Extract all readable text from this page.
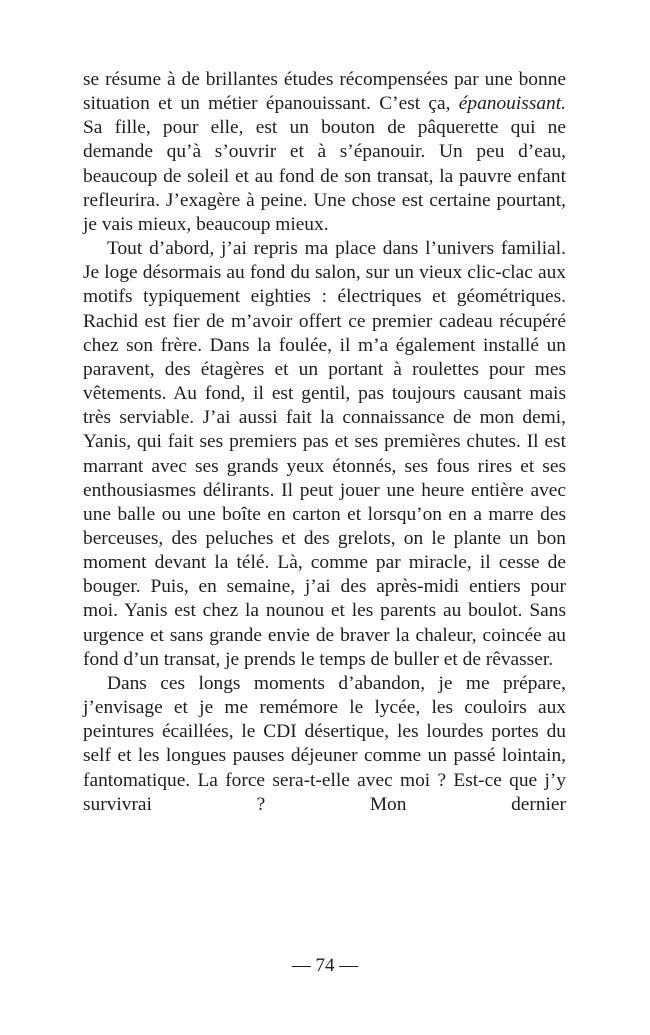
se résume à de brillantes études récompensées par une bonne situation et un métier épanouissant. C’est ça, épanouissant. Sa fille, pour elle, est un bouton de pâquerette qui ne demande qu’à s’ouvrir et à s’épanouir. Un peu d’eau, beaucoup de soleil et au fond de son transat, la pauvre enfant refleurira. J’exagère à peine. Une chose est certaine pourtant, je vais mieux, beaucoup mieux.

Tout d’abord, j’ai repris ma place dans l’univers familial. Je loge désormais au fond du salon, sur un vieux clic-clac aux motifs typiquement eighties : électriques et géométriques. Rachid est fier de m’avoir offert ce premier cadeau récupéré chez son frère. Dans la foulée, il m’a également installé un paravent, des étagères et un portant à roulettes pour mes vêtements. Au fond, il est gentil, pas toujours causant mais très serviable. J’ai aussi fait la connaissance de mon demi, Yanis, qui fait ses premiers pas et ses premières chutes. Il est marrant avec ses grands yeux étonnés, ses fous rires et ses enthousiasmes délirants. Il peut jouer une heure entière avec une balle ou une boîte en carton et lorsqu’on en a marre des berceuses, des peluches et des grelots, on le plante un bon moment devant la télé. Là, comme par miracle, il cesse de bouger. Puis, en semaine, j’ai des après-midi entiers pour moi. Yanis est chez la nounou et les parents au boulot. Sans urgence et sans grande envie de braver la chaleur, coincée au fond d’un transat, je prends le temps de buller et de rêvasser.

Dans ces longs moments d’abandon, je me prépare, j’envisage et je me remémore le lycée, les couloirs aux peintures écaillées, le CDI désertique, les lourdes portes du self et les longues pauses déjeuner comme un passé lointain, fantomatique. La force sera-t-elle avec moi ? Est-ce que j’y survivrai ? Mon dernier

— 74 —
